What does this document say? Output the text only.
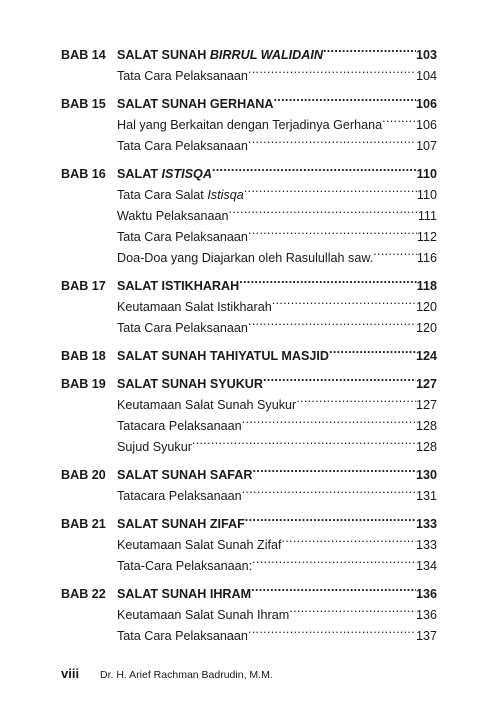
BAB 14 SALAT SUNAH BIRRUL WALIDAIN . . .	103
Tata Cara Pelaksanaan . . .	104
BAB 15 SALAT SUNAH GERHANA . . .	106
Hal yang Berkaitan dengan Terjadinya Gerhana . . .	106
Tata Cara Pelaksanaan . . .	107
BAB 16 SALAT ISTISQA . . .	110
Tata Cara Salat Istisqa . . .	110
Waktu Pelaksanaan . . .	111
Tata Cara Pelaksanaan . . .	112
Doa-Doa yang Diajarkan oleh Rasulullah saw. . . .	116
BAB 17 SALAT ISTIKHARAH . . .	118
Keutamaan Salat Istikharah . . .	120
Tata Cara Pelaksanaan . . .	120
BAB 18 SALAT SUNAH TAHIYATUL MASJID . . .	124
BAB 19 SALAT SUNAH SYUKUR . . .	127
Keutamaan Salat Sunah Syukur . . .	127
Tatacara Pelaksanaan . . .	128
Sujud Syukur . . .	128
BAB 20 SALAT SUNAH SAFAR . . .	130
Tatacara Pelaksanaan . . .	131
BAB 21 SALAT SUNAH ZIFAF . . .	133
Keutamaan Salat Sunah Zifaf . . .	133
Tata-Cara Pelaksanaan: . . .	134
BAB 22 SALAT SUNAH IHRAM . . .	136
Keutamaan Salat Sunah Ihram . . .	136
Tata Cara Pelaksanaan . . .	137
viii	Dr. H. Arief Rachman Badrudin, M.M.
